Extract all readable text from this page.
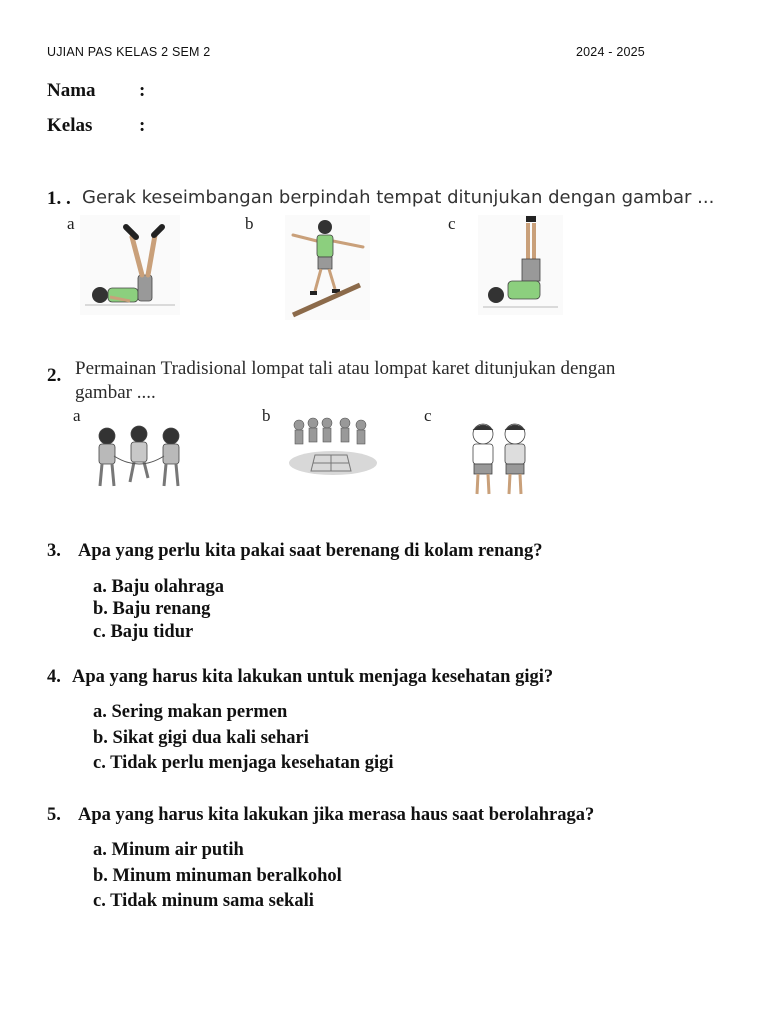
UJIAN PAS KELAS 2 SEM 2	2024 - 2025
Nama :
Kelas :
1. . Gerak keseimbangan berpindah tempat ditunjukan dengan gambar ...
a	b	c
2. Permainan Tradisional lompat tali atau lompat karet ditunjukan dengan
gambar ....
a	b	c
3. Apa yang perlu kita pakai saat berenang di kolam renang?
a. Baju olahraga
b. Baju renang
c. Baju tidur
4. Apa yang harus kita lakukan untuk menjaga kesehatan gigi?
a. Sering makan permen
b. Sikat gigi dua kali sehari
c. Tidak perlu menjaga kesehatan gigi
5. Apa yang harus kita lakukan jika merasa haus saat berolahraga?
a. Minum air putih
b. Minum minuman beralkohol
c. Tidak minum sama sekali
